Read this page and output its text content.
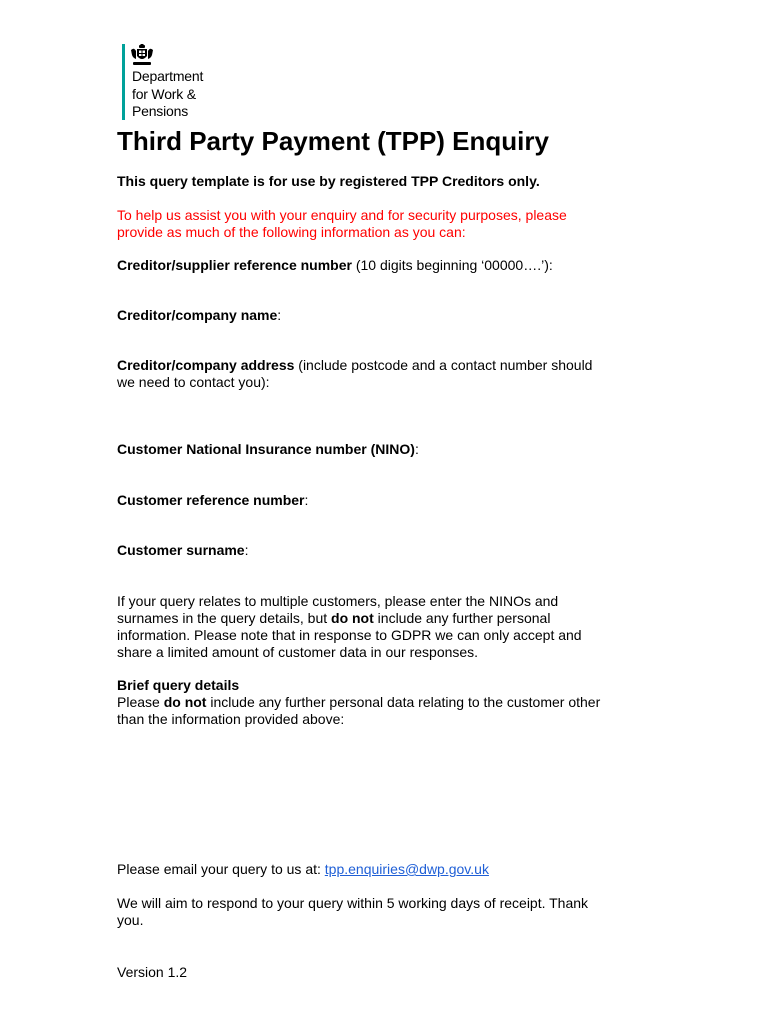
Department
for Work &
Pensions
Third Party Payment (TPP) Enquiry

This query template is for use by registered TPP Creditors only.

To help us assist you with your enquiry and for security purposes, please
provide as much of the following information as you can:

Creditor/supplier reference number (10 digits beginning ‘00000….’):

Creditor/company name:

Creditor/company address (include postcode and a contact number should
we need to contact you):

Customer National Insurance number (NINO):

Customer reference number:

Customer surname:

If your query relates to multiple customers, please enter the NINOs and
surnames in the query details, but do not include any further personal
information. Please note that in response to GDPR we can only accept and
share a limited amount of customer data in our responses.
Brief query details
Please do not include any further personal data relating to the customer other
than the information provided above:

Please email your query to us at: tpp.enquiries@dwp.gov.uk

We will aim to respond to your query within 5 working days of receipt. Thank
you.

Version 1.2
